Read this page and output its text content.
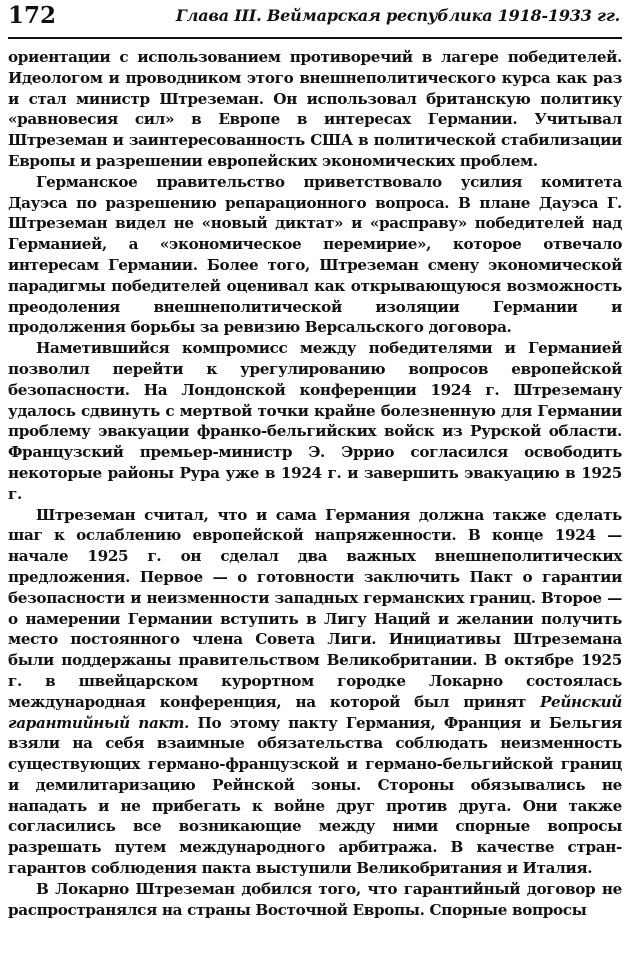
172	Глава III. Веймарская республика 1918-1933 гг.

ориентации с использованием противоречий в лагере победителей. Идеологом и проводником этого внешнеполитического курса как раз и стал министр Штреземан. Он использовал британскую политику «равновесия сил» в Европе в интересах Германии. Учитывал Штреземан и заинтересованность США в политической стабилизации Европы и разрешении европейских экономических проблем.

Германское правительство приветствовало усилия комитета Дауэса по разрешению репарационного вопроса. В плане Дауэса Г. Штреземан видел не «новый диктат» и «расправу» победителей над Германией, а «экономическое перемирие», которое отвечало интересам Германии. Более того, Штреземан смену экономической парадигмы победителей оценивал как открывающуюся возможность преодоления внешнеполитической изоляции Германии и продолжения борьбы за ревизию Версальского договора.

Наметившийся компромисс между победителями и Германией позволил перейти к урегулированию вопросов европейской безопасности. На Лондонской конференции 1924 г. Штреземану удалось сдвинуть с мертвой точки крайне болезненную для Германии проблему эвакуации франко-бельгийских войск из Рурской области. Французский премьер-министр Э. Эррио согласился освободить некоторые районы Рура уже в 1924 г. и завершить эвакуацию в 1925 г.

Штреземан считал, что и сама Германия должна также сделать шаг к ослаблению европейской напряженности. В конце 1924 — начале 1925 г. он сделал два важных внешнеполитических предложения. Первое — о готовности заключить Пакт о гарантии безопасности и неизменности западных германских границ. Второе — о намерении Германии вступить в Лигу Наций и желании получить место постоянного члена Совета Лиги. Инициативы Штреземана были поддержаны правительством Великобритании. В октябре 1925 г. в швейцарском курортном городке Локарно состоялась международная конференция, на которой был принят Рейнский гарантийный пакт. По этому пакту Германия, Франция и Бельгия взяли на себя взаимные обязательства соблюдать неизменность существующих германо-французской и германо-бельгийской границ и демилитаризацию Рейнской зоны. Стороны обязывались не нападать и не прибегать к войне друг против друга. Они также согласились все возникающие между ними спорные вопросы разрешать путем международного арбитража. В качестве стран-гарантов соблюдения пакта выступили Великобритания и Италия.

В Локарно Штреземан добился того, что гарантийный договор не распространялся на страны Восточной Европы. Спорные вопросы
